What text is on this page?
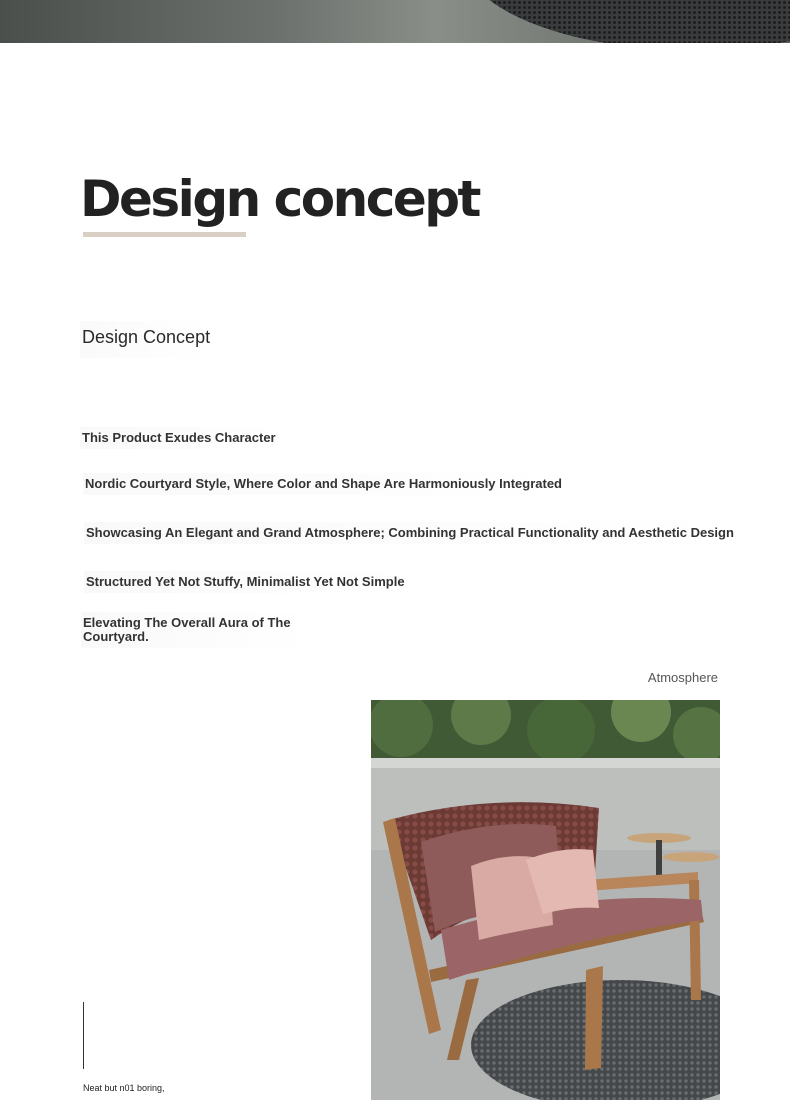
Design concept
Design Concept
This Product Exudes Character
Nordic Courtyard Style, Where Color and Shape Are Harmoniously Integrated
Showcasing An Elegant and Grand Atmosphere; Combining Practical Functionality and Aesthetic Design
Structured Yet Not Stuffy, Minimalist Yet Not Simple
Elevating The Overall Aura of The Courtyard.
Atmosphere
Neat but n01 boring,
